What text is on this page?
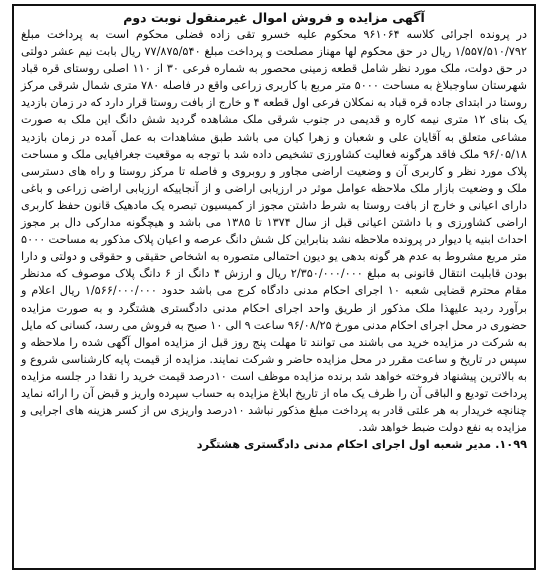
آگهی مزایده و فروش اموال غیرمنقول نوبت دوم

در پرونده اجرائی کلاسه ۹۶۱۰۶۴ محکوم علیه خسرو تقی زاده فضلی محکوم است به پرداخت مبلغ ۱/۵۵۷/۵۱۰/۷۹۲ ریال در حق محکوم لها مهناز مصلحت و پرداخت مبلغ ۷۷/۸۷۵/۵۴۰ ریال بابت نیم عشر دولتی در حق دولت، ملک مورد نظر شامل قطعه زمینی محصور به شماره فرعی ۳۰ از ۱۱۰ اصلی روستای قره قباد شهرستان ساوجبلاغ به مساحت ۵۰۰۰ متر مربع با کاربری زراعی واقع در فاصله ۷۸۰ متری شمال شرقی مرکز روستا در ابتدای جاده قره قباد به نمکلان فرعی اول قطعه ۴ و خارج از بافت روستا قرار دارد که در زمان بازدید یک بنای ۱۲ متری نیمه کاره و قدیمی در جنوب شرقی ملک مشاهده گردید شش دانگ این ملک به صورت مشاعی متعلق به آقایان علی و شعبان و زهرا کیان می باشد طبق مشاهدات به عمل آمده در زمان بازدید ۹۶/۰۵/۱۸ ملک فاقد هرگونه فعالیت کشاورزی تشخیص داده شد با توجه به موقعیت جغرافیایی ملک و مساحت پلاک مورد نظر و کاربری آن و وضعیت اراضی مجاور و روبروی و فاصله تا مرکز روستا و راه های دسترسی ملک و وضعیت بازار ملک ملاحظه عوامل موثر در ارزیابی اراضی و از آنجاییکه ارزیابی اراضی زراعی و باغی دارای اعیانی و خارج از بافت روستا به شرط داشتن مجوز از کمیسیون تبصره یک مادهیک قانون حفظ کاربری اراضی کشاورزی و با داشتن اعیانی قبل از سال ۱۳۷۴ تا ۱۳۸۵ می باشد و هیچگونه مدارکی دال بر مجوز احداث ابنیه یا دیوار در پرونده ملاحظه نشد بنابراین کل شش دانگ عرصه و اعیان پلاک مذکور به مساحت ۵۰۰۰ متر مربع مشروط به عدم هر گونه بدهی یو دیون احتمالی متصوره به اشخاص حقیقی و حقوقی و دولتی و دارا بودن قابلیت انتقال قانونی به مبلغ ۲/۳۵۰/۰۰۰/۰۰۰ ریال و ارزش ۴ دانگ از ۶ دانگ پلاک موصوف که مدنظر مقام محترم قضایی شعبه ۱۰ اجرای احکام مدنی دادگاه کرج می باشد حدود ۱/۵۶۶/۰۰۰/۰۰۰ ریال اعلام و برآورد ردید علیهذا ملک مذکور از طریق واحد اجرای احکام مدنی دادگستری هشتگرد و به صورت مزایده حضوری در محل اجرای احکام مدنی مورخ ۹۶/۰۸/۲۵ ساعت ۹ الی ۱۰ صبح به فروش می رسد، کسانی که مایل به شرکت در مزایده خرید می باشند می توانند تا مهلت پنج روز قبل از مزایده اموال آگهی شده را ملاحظه و سپس در تاریخ و ساعت مقرر در محل مزایده حاضر و شرکت نمایند. مزایده از قیمت پایه کارشناسی شروع و به بالاترین پیشنهاد فروخته خواهد شد برنده مزایده موظف است ۱۰درصد قیمت خرید را نقدا در جلسه مزایده پرداخت تودیع و الباقی آن را ظرف یک ماه از تاریخ ابلاغ مزایده به حساب سپرده واریز و قبض آن را ارائه نماید چنانچه خریدار به هر علتی قادر به پرداخت مبلغ مذکور نباشد ۱۰درصد واریزی س از کسر هزینه های اجرایی و مزایده به نفع دولت ضبط خواهد شد.

۱۰۹۹. مدیر شعبه اول اجرای احکام مدنی دادگستری هشتگرد
